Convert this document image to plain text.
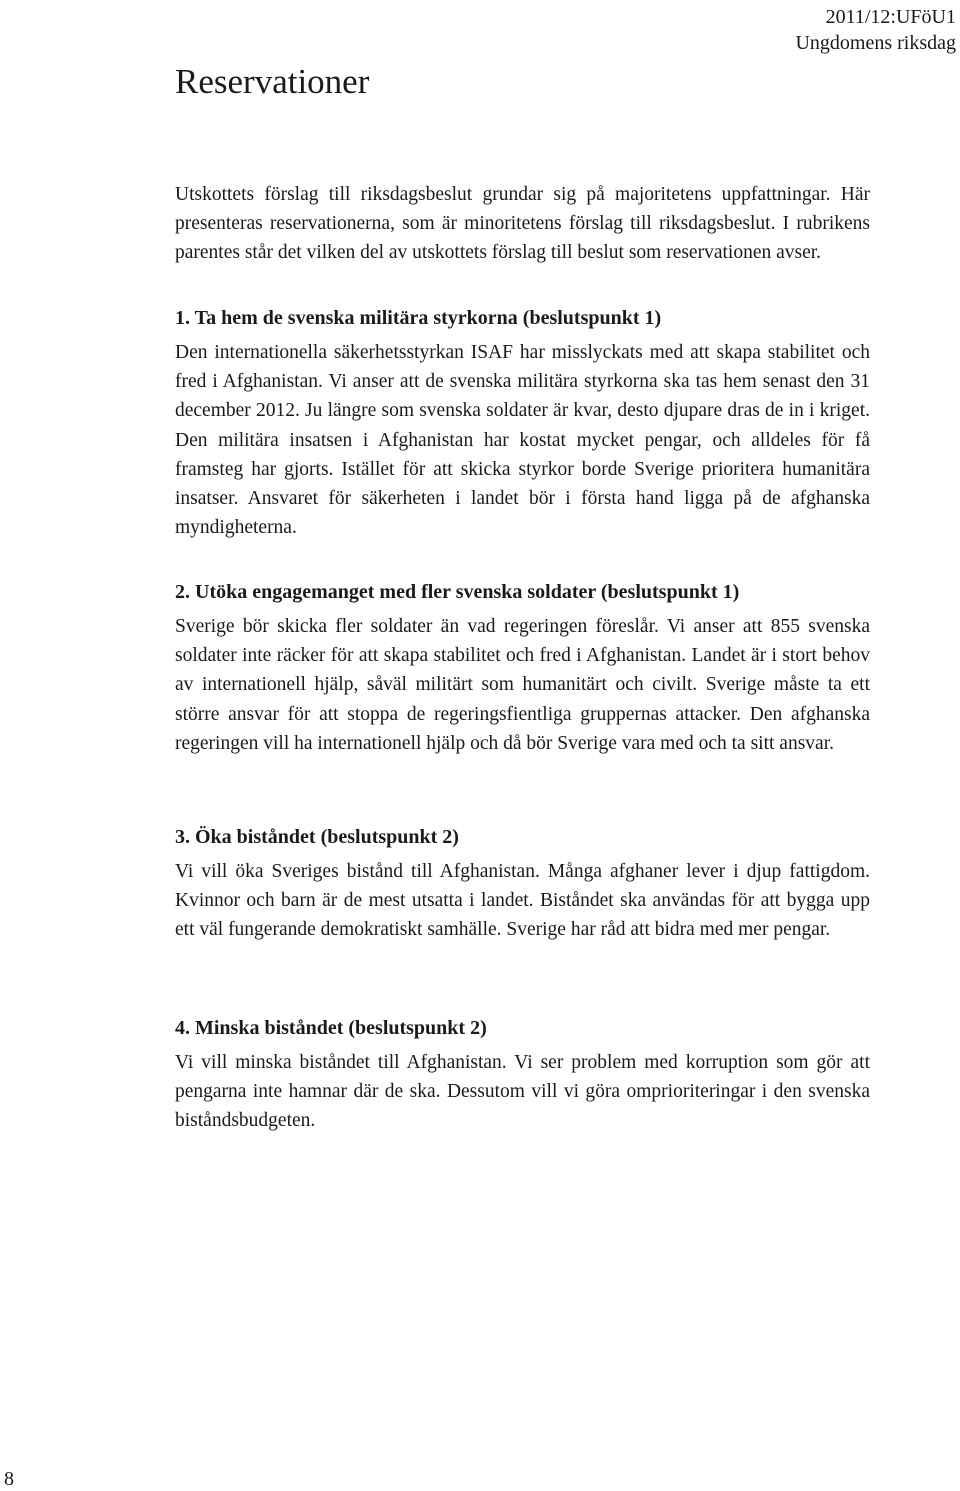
2011/12:UFöU1
Ungdomens riksdag
Reservationer

Utskottets förslag till riksdagsbeslut grundar sig på majoritetens uppfattningar. Här presenteras reservationerna, som är minoritetens förslag till riksdagsbeslut. I rubrikens parentes står det vilken del av utskottets förslag till beslut som reservationen avser.

1. Ta hem de svenska militära styrkorna (beslutspunkt 1)

Den internationella säkerhetsstyrkan ISAF har misslyckats med att skapa stabilitet och fred i Afghanistan. Vi anser att de svenska militära styrkorna ska tas hem senast den 31 december 2012. Ju längre som svenska soldater är kvar, desto djupare dras de in i kriget. Den militära insatsen i Afghanistan har kostat mycket pengar, och alldeles för få framsteg har gjorts. Istället för att skicka styrkor borde Sverige prioritera humanitära insatser. Ansvaret för säkerheten i landet bör i första hand ligga på de afghanska myndigheterna.

2. Utöka engagemanget med fler svenska soldater (beslutspunkt 1)

Sverige bör skicka fler soldater än vad regeringen föreslår. Vi anser att 855 svenska soldater inte räcker för att skapa stabilitet och fred i Afghanistan. Landet är i stort behov av internationell hjälp, såväl militärt som humanitärt och civilt. Sverige måste ta ett större ansvar för att stoppa de regeringsfientliga gruppernas attacker. Den afghanska regeringen vill ha internationell hjälp och då bör Sverige vara med och ta sitt ansvar.

3. Öka biståndet (beslutspunkt 2)

Vi vill öka Sveriges bistånd till Afghanistan. Många afghaner lever i djup fattigdom. Kvinnor och barn är de mest utsatta i landet. Biståndet ska användas för att bygga upp ett väl fungerande demokratiskt samhälle. Sverige har råd att bidra med mer pengar.

4. Minska biståndet (beslutspunkt 2)

Vi vill minska biståndet till Afghanistan. Vi ser problem med korruption som gör att pengarna inte hamnar där de ska. Dessutom vill vi göra omprioriteringar i den svenska biståndsbudgeten.

8
